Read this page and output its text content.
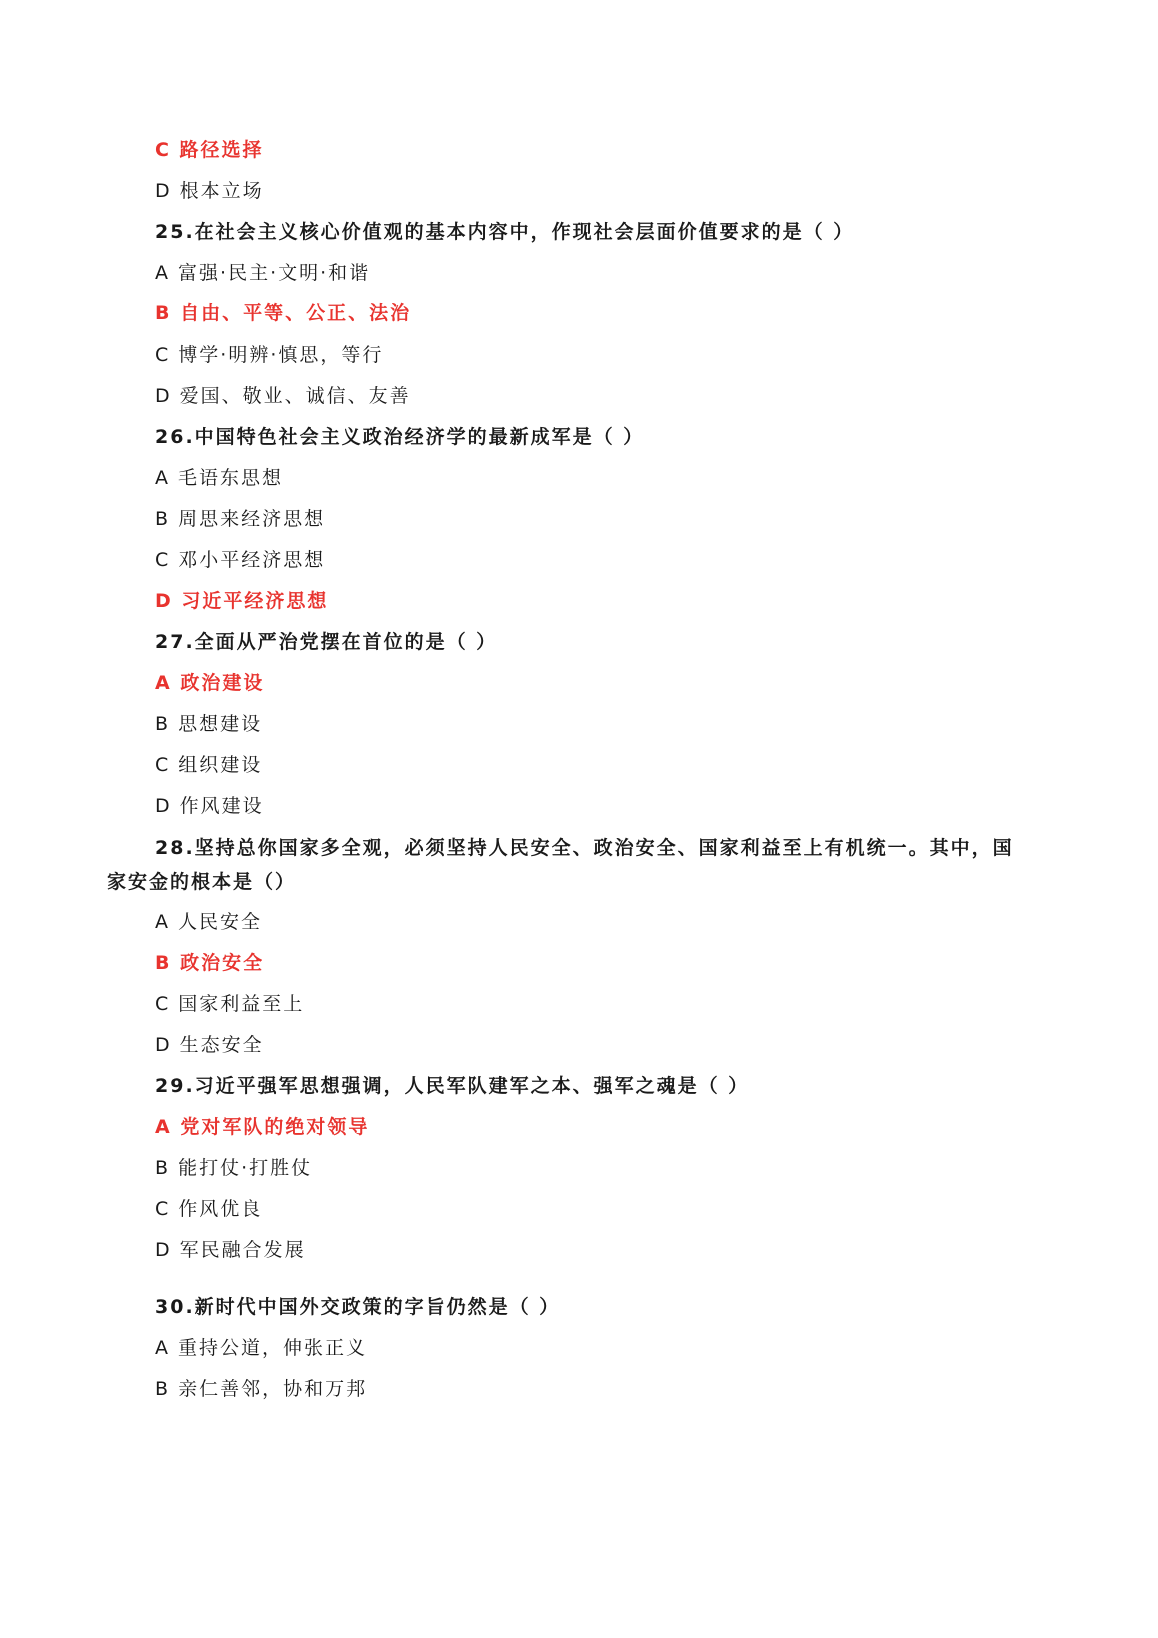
C 路径选择
D 根本立场
25.在社会主义核心价值观的基本内容中，作现社会层面价值要求的是（ ）
A 富强·民主·文明·和谐
B 自由、平等、公正、法治
C 博学·明辨·慎思，等行
D 爱国、敬业、诚信、友善
26.中国特色社会主义政治经济学的最新成军是（ ）
A 毛语东思想
B 周思来经济思想
C 邓小平经济思想
D 习近平经济思想
27.全面从严治党摆在首位的是（ ）
A 政治建设
B 思想建设
C 组织建设
D 作风建设
28.坚持总你国家多全观，必须坚持人民安全、政治安全、国家利益至上有机统一。其中，国
家安金的根本是（）
A 人民安全
B 政治安全
C 国家利益至上
D 生态安全
29.习近平强军思想强调，人民军队建军之本、强军之魂是（ ）
A 党对军队的绝对领导
B 能打仗·打胜仗
C 作风优良
D 军民融合发展
30.新时代中国外交政策的字旨仍然是（ ）
A 重持公道，伸张正义
B 亲仁善邻，协和万邦
